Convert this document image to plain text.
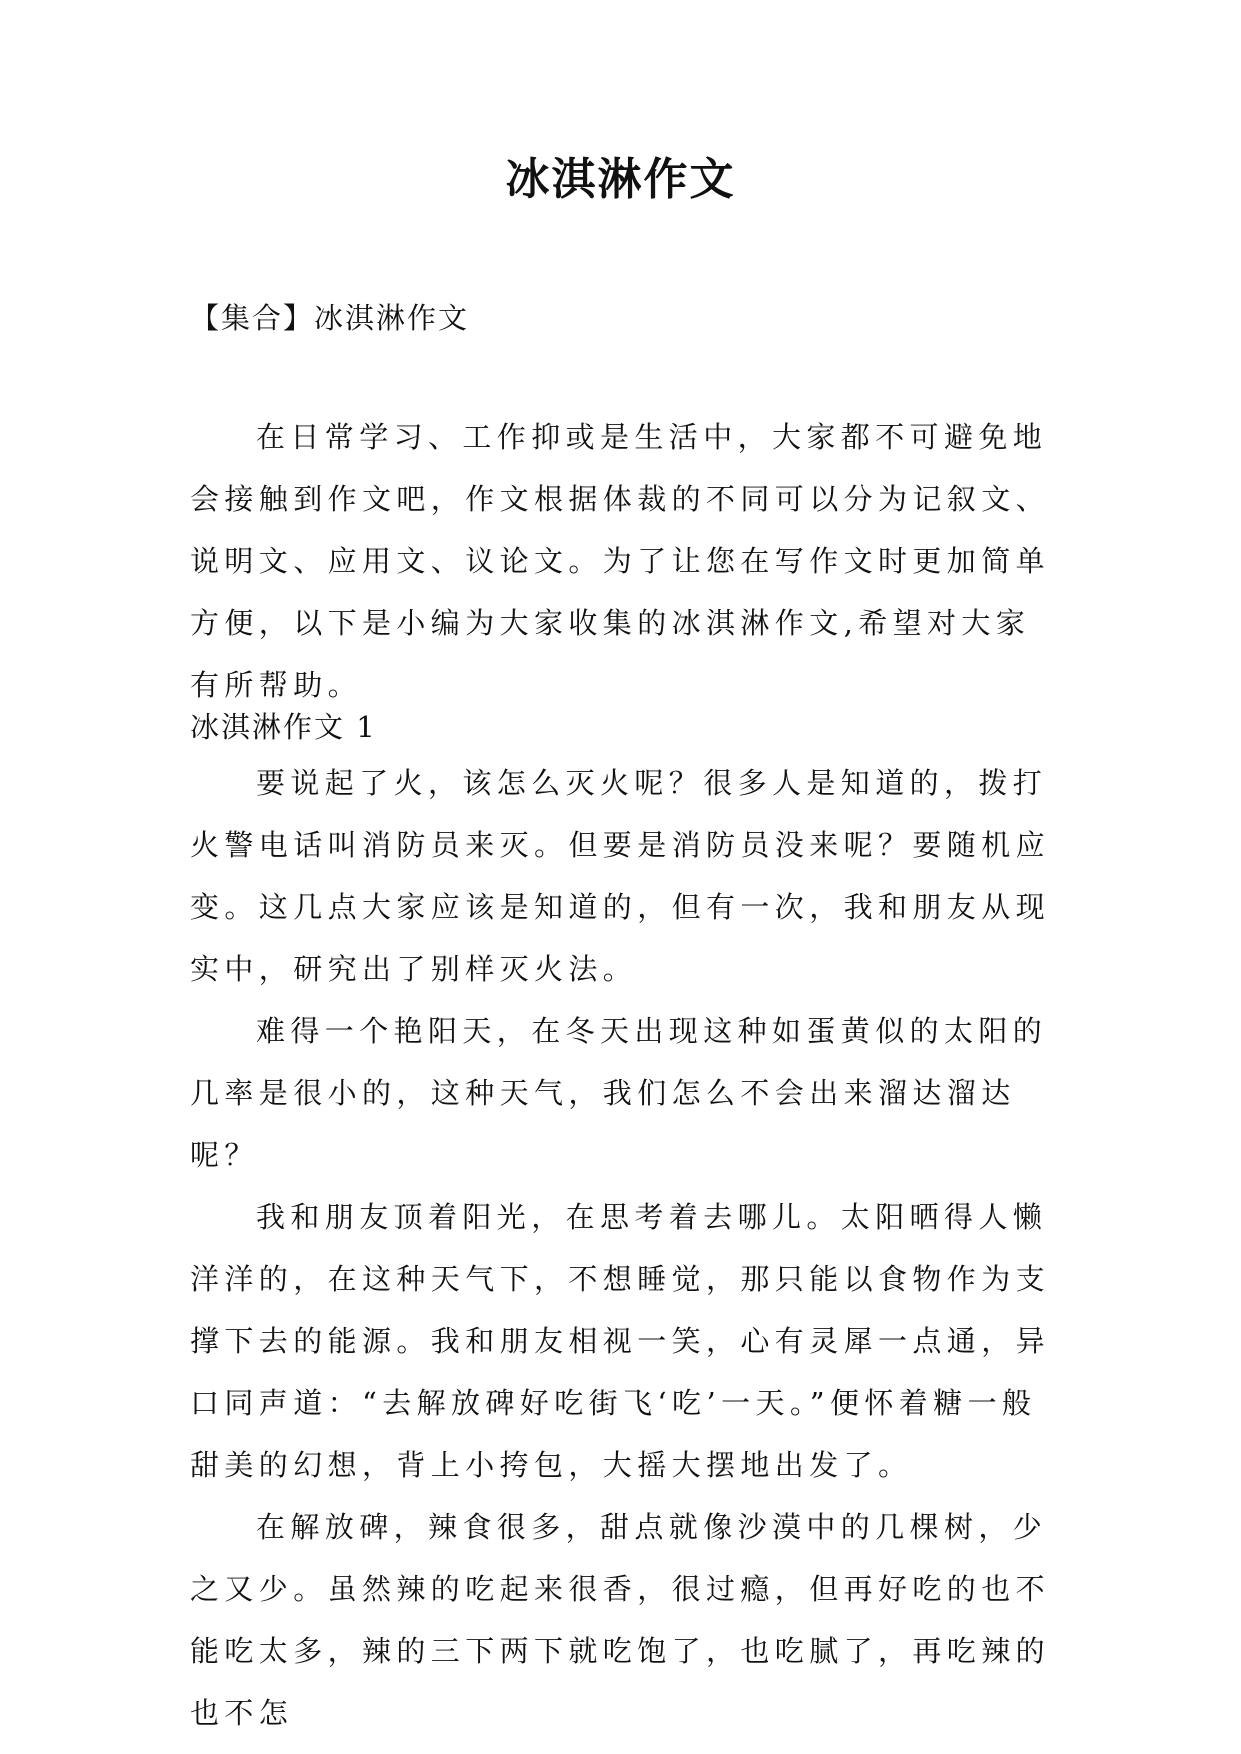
冰淇淋作文
【集合】冰淇淋作文

在日常学习、工作抑或是生活中，大家都不可避免地会接触到作文吧，作文根据体裁的不同可以分为记叙文、说明文、应用文、议论文。为了让您在写作文时更加简单方便，以下是小编为大家收集的冰淇淋作文,希望对大家有所帮助。

冰淇淋作文 1

要说起了火，该怎么灭火呢？很多人是知道的，拨打火警电话叫消防员来灭。但要是消防员没来呢？要随机应变。这几点大家应该是知道的，但有一次，我和朋友从现实中，研究出了别样灭火法。

难得一个艳阳天，在冬天出现这种如蛋黄似的太阳的几率是很小的，这种天气，我们怎么不会出来溜达溜达呢？

我和朋友顶着阳光，在思考着去哪儿。太阳晒得人懒洋洋的，在这种天气下，不想睡觉，那只能以食物作为支撑下去的能源。我和朋友相视一笑，心有灵犀一点通，异口同声道：“去解放碑好吃街飞‘吃’一天。”便怀着糖一般甜美的幻想，背上小挎包，大摇大摆地出发了。

在解放碑，辣食很多，甜点就像沙漠中的几棵树，少之又少。虽然辣的吃起来很香，很过瘾，但再好吃的也不能吃太多，辣的三下两下就吃饱了，也吃腻了，再吃辣的也不怎
